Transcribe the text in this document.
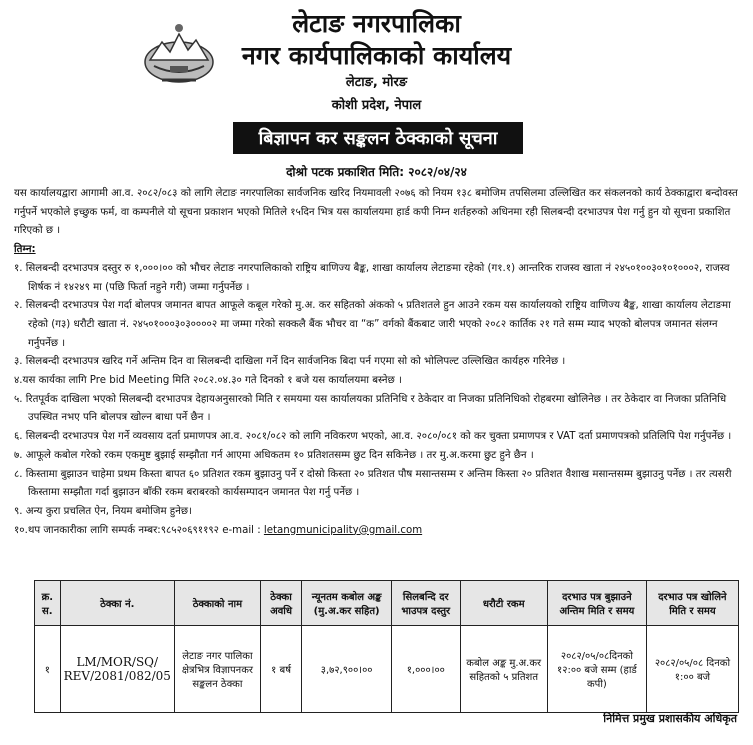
लेटाङ नगरपालिका
नगर कार्यपालिकाको कार्यालय
लेटाङ, मोरङ
कोशी प्रदेश, नेपाल
बिज्ञापन कर सङ्कलन ठेक्काको सूचना
दोश्रो पटक प्रकाशित मिति: २०८२/०४/२४

यस कार्यालयद्वारा आगामी आ.व. २०८२/०८३ को लागि लेटाङ नगरपालिका सार्वजनिक खरिद नियमावली २०७६ को नियम १३८ बमोजिम तपसिलमा उल्लिखित कर संकलनको कार्य ठेक्काद्वारा बन्दोवस्त गर्नुपर्ने भएकोले इच्छुक फर्म, वा कम्पनीले यो सूचना प्रकाशन भएको मितिले १५दिन भित्र यस कार्यालयमा हार्ड कपी निम्न शर्तहरुको अधिनमा रही सिलबन्दी दरभाउपत्र पेश गर्नु हुन यो सूचना प्रकाशित गरिएको छ ।

तिम्न:

१. सिलबन्दी दरभाउपत्र दस्तुर रु १,०००।०० को भौचर लेटाङ नगरपालिकाको राष्ट्रिय बाणिज्य बैङ्क, शाखा कार्यालय लेटाङमा रहेको (ग१.१) आन्तरिक राजस्व खाता नं २४५०१००३०१०१०००२, राजस्व शिर्षक नं १४२४९ मा (पछि फिर्ता नहुने गरी) जम्मा गर्नुपर्नेछ ।

२. सिलबन्दी दरभाउपत्र पेश गर्दा बोलपत्र जमानत बापत आफूले कबूल गरेको मु.अ. कर सहितको अंकको ५ प्रतिशतले हुन आउने रकम यस कार्यालयको राष्ट्रिय वाणिज्य बैङ्क, शाखा कार्यालय लेटाङमा रहेको (ग३) धरौटी खाता नं. २४५०१०००३०३००००२ मा जम्मा गरेको सक्कलै बैंक भौचर वा “क” वर्गको बैंकबाट जारी भएको २०८२ कार्तिक २१ गते सम्म म्याद भएको बोलपत्र जमानत संलग्न गर्नुपर्नेछ ।

३. सिलबन्दी दरभाउपत्र खरिद गर्ने अन्तिम दिन वा सिलबन्दी दाखिला गर्ने दिन सार्वजनिक बिदा पर्न गएमा सो को भोलिपल्ट उल्लिखित कार्यहरु गरिनेछ ।

४.यस कार्यका लागि Pre bid Meeting मिति २०८२.०४.३० गते दिनको १ बजे यस कार्यालयमा बस्नेछ ।

५. रितपूर्वक दाखिला भएको सिलबन्दी दरभाउपत्र देहायअनुसारको मिति र समयमा यस कार्यालयका प्रतिनिधि र ठेकेदार वा निजका प्रतिनिधिको रोहबरमा खोलिनेछ । तर ठेकेदार वा निजका प्रतिनिधि उपस्थित नभए पनि बोलपत्र खोल्न बाधा पर्ने छैन ।

६. सिलबन्दी दरभाउपत्र पेश गर्ने व्यवसाय दर्ता प्रमाणपत्र आ.व. २०८१/०८२ को लागि नविकरण भएको, आ.व. २०८०/०८१ को कर चुक्ता प्रमाणपत्र र VAT दर्ता प्रमाणपत्रको प्रतिलिपि पेश गर्नुपर्नेछ ।

७. आफूले कबोल गरेको रकम एकमुष्ट बुझाई सम्झौता गर्न आएमा अधिकतम १० प्रतिशतसम्म छुट दिन सकिनेछ । तर मु.अ.करमा छुट हुने छैन ।

८. किस्तामा बुझाउन चाहेमा प्रथम किस्ता बापत ६० प्रतिशत रकम बुझाउनु पर्ने र दोस्रो किस्ता २० प्रतिशत पौष मसान्तसम्म र अन्तिम किस्ता २० प्रतिशत वैशाख मसान्तसम्म बुझाउनु पर्नेछ । तर त्यसरी किस्तामा सम्झौता गर्दा बुझाउन बाँकी रकम बराबरको कार्यसम्पादन जमानत पेश गर्नु पर्नेछ ।

९. अन्य कुरा प्रचलित ऐन, नियम बमोजिम हुनेछ।

१०.थप जानकारीका लागि सम्पर्क नम्बर:९८५२०६९११९२ e-mail : letangmunicipality@gmail.com

क्र. स.	ठेक्का नं.	ठेक्काको नाम	ठेक्का अवधि	न्यूनतम कबोल अङ्क (मु.अ.कर सहित)	सिलबन्दि दर भाउपत्र दस्तुर	धरौटी रकम	दरभाउ पत्र बुझाउने अन्तिम मिति र समय	दरभाउ पत्र खोलिने मिति र समय
१	LM/MOR/SQ/ REV/2081/082/05	लेटाङ नगर पालिका क्षेत्रभित्र विज्ञापनकर सङ्कलन ठेक्का	१ बर्ष	३,७२,९००।००	१,०००।००	कबोल अङ्क मु.अ.कर सहितको ५ प्रतिशत	२०८२/०५/०८दिनको १२:०० बजे सम्म (हार्ड कपी)	२०८२/०५/०८ दिनको १:०० बजे
निमित्त प्रमुख प्रशासकीय अधिकृत
